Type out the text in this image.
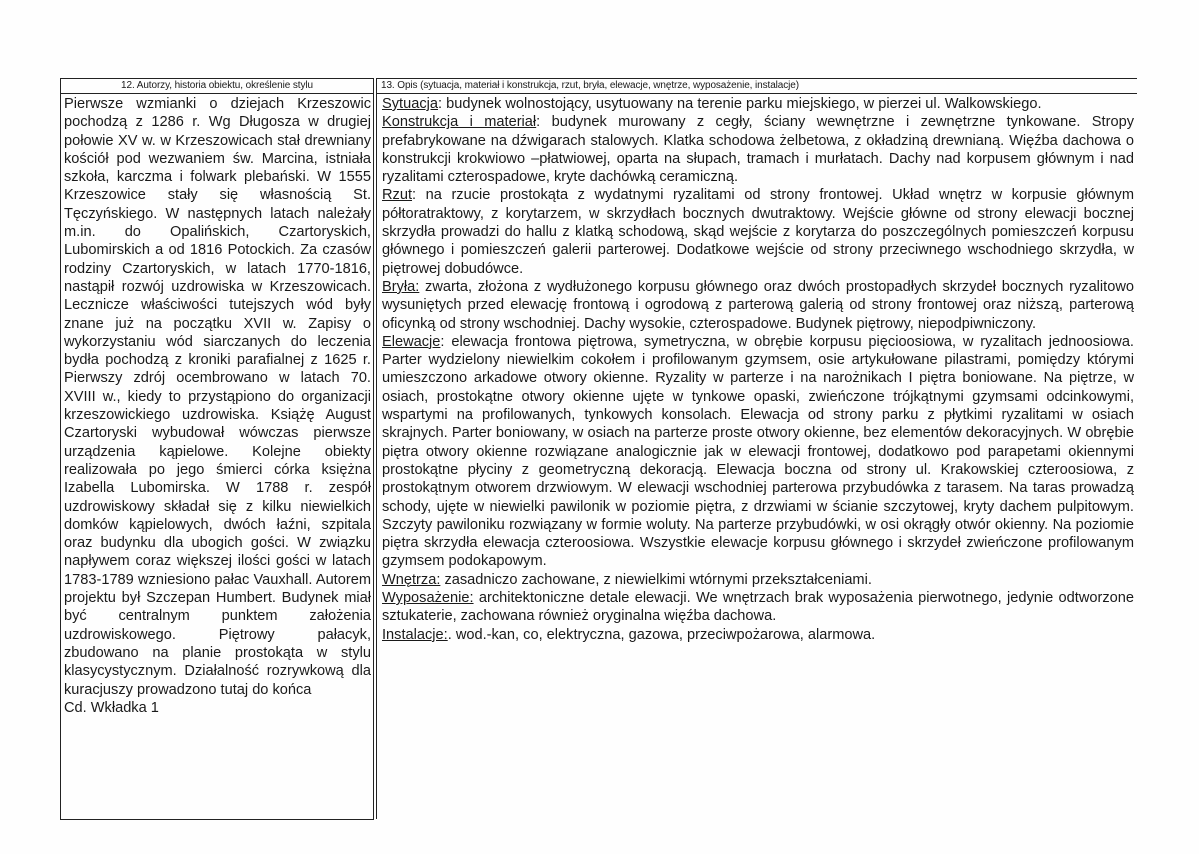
12. Autorzy, historia obiektu, określenie stylu

Pierwsze wzmianki o dziejach Krzeszowic pochodzą z 1286 r. Wg Długosza w drugiej połowie XV w. w Krzeszowicach stał drewniany kościół pod wezwaniem św. Marcina, istniała szkoła, karczma i folwark plebański. W 1555 Krzeszowice stały się własnością St. Tęczyńskiego. W następnych latach należały m.in. do Opalińskich, Czartoryskich, Lubomirskich a od 1816 Potockich. Za czasów rodziny Czartoryskich, w latach 1770-1816, nastąpił rozwój uzdrowiska w Krzeszowicach. Lecznicze właściwości tutejszych wód były znane już na początku XVII w. Zapisy o wykorzystaniu wód siarczanych do leczenia bydła pochodzą z kroniki parafialnej z 1625 r. Pierwszy zdrój ocembrowano w latach 70. XVIII w., kiedy to przystąpiono do organizacji krzeszowickiego uzdrowiska. Książę August Czartoryski wybudował wówczas pierwsze urządzenia kąpielowe. Kolejne obiekty realizowała po jego śmierci córka księżna Izabella Lubomirska. W 1788 r. zespół uzdrowiskowy składał się z kilku niewielkich domków kąpielowych, dwóch łaźni, szpitala oraz budynku dla ubogich gości. W związku napływem coraz większej ilości gości w latach 1783-1789 wzniesiono pałac Vauxhall. Autorem projektu był Szczepan Humbert. Budynek miał być centralnym punktem założenia uzdrowiskowego. Piętrowy pałacyk, zbudowano na planie prostokąta w stylu klasycystycznym. Działalność rozrywkową dla kuracjuszy prowadzono tutaj do końca

Cd. Wkładka 1

13. Opis (sytuacja, materiał i konstrukcja, rzut, bryła, elewacje, wnętrze, wyposażenie, instalacje)

Sytuacja: budynek wolnostojący, usytuowany na terenie parku miejskiego, w pierzei ul. Walkowskiego.

Konstrukcja i materiał: budynek murowany z cegły, ściany wewnętrzne i zewnętrzne tynkowane. Stropy prefabrykowane na dźwigarach stalowych. Klatka schodowa żelbetowa, z okładziną drewnianą. Więźba dachowa o konstrukcji krokwiowo –płatwiowej, oparta na słupach, tramach i murłatach. Dachy nad korpusem głównym i nad ryzalitami czterospadowe, kryte dachówką ceramiczną.

Rzut: na rzucie prostokąta z wydatnymi ryzalitami od strony frontowej. Układ wnętrz w korpusie głównym półtoratraktowy, z korytarzem, w skrzydłach bocznych dwutraktowy. Wejście główne od strony elewacji bocznej skrzydła prowadzi do hallu z klatką schodową, skąd wejście z korytarza do poszczególnych pomieszczeń korpusu głównego i pomieszczeń galerii parterowej. Dodatkowe wejście od strony przeciwnego wschodniego skrzydła, w piętrowej dobudówce.

Bryła: zwarta, złożona z wydłużonego korpusu głównego oraz dwóch prostopadłych skrzydeł bocznych ryzalitowo wysuniętych przed elewację frontową i ogrodową z parterową galerią od strony frontowej oraz niższą, parterową oficynką od strony wschodniej. Dachy wysokie, czterospadowe. Budynek piętrowy, niepodpiwniczony.

Elewacje: elewacja frontowa piętrowa, symetryczna, w obrębie korpusu pięcioosiowa, w ryzalitach jednoosiowa. Parter wydzielony niewielkim cokołem i profilowanym gzymsem, osie artykułowane pilastrami, pomiędzy którymi umieszczono arkadowe otwory okienne. Ryzality w parterze i na narożnikach I piętra boniowane. Na piętrze, w osiach, prostokątne otwory okienne ujęte w tynkowe opaski, zwieńczone trójkątnymi gzymsami odcinkowymi, wspartymi na profilowanych, tynkowych konsolach. Elewacja od strony parku z płytkimi ryzalitami w osiach skrajnych. Parter boniowany, w osiach na parterze proste otwory okienne, bez elementów dekoracyjnych. W obrębie piętra otwory okienne rozwiązane analogicznie jak w elewacji frontowej, dodatkowo pod parapetami okiennymi prostokątne płyciny z geometryczną dekoracją. Elewacja boczna od strony ul. Krakowskiej czteroosiowa, z prostokątnym otworem drzwiowym. W elewacji wschodniej parterowa przybudówka z tarasem. Na taras prowadzą schody, ujęte w niewielki pawilonik w poziomie piętra, z drzwiami w ścianie szczytowej, kryty dachem pulpitowym. Szczyty pawiloniku rozwiązany w formie woluty. Na parterze przybudówki, w osi okrągły otwór okienny. Na poziomie piętra skrzydła elewacja czteroosiowa. Wszystkie elewacje korpusu głównego i skrzydeł zwieńczone profilowanym gzymsem podokapowym.

Wnętrza: zasadniczo zachowane, z niewielkimi wtórnymi przekształceniami.

Wyposażenie: architektoniczne detale elewacji. We wnętrzach brak wyposażenia pierwotnego, jedynie odtworzone sztukaterie, zachowana również oryginalna więźba dachowa.

Instalacje:. wod.-kan, co, elektryczna, gazowa, przeciwpożarowa, alarmowa.
